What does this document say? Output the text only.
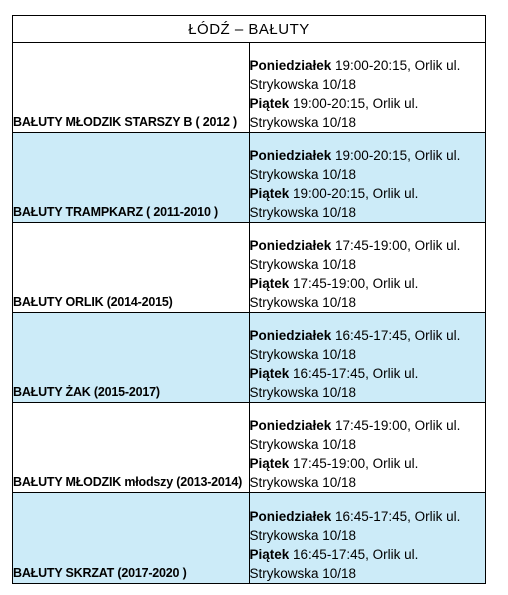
ŁÓDŹ – BAŁUTY	
BAŁUTY MŁODZIK STARSZY B ( 2012 )	Poniedziałek 19:00-20:15, Orlik ul. Strykowska 10/18
Piątek 19:00-20:15, Orlik ul. Strykowska 10/18
BAŁUTY TRAMPKARZ ( 2011-2010 )	Poniedziałek 19:00-20:15, Orlik ul. Strykowska 10/18
Piątek 19:00-20:15, Orlik ul. Strykowska 10/18
BAŁUTY ORLIK (2014-2015)	Poniedziałek 17:45-19:00, Orlik ul. Strykowska 10/18
Piątek 17:45-19:00, Orlik ul. Strykowska 10/18
BAŁUTY ŻAK (2015-2017)	Poniedziałek 16:45-17:45, Orlik ul. Strykowska 10/18
Piątek 16:45-17:45, Orlik ul. Strykowska 10/18
BAŁUTY MŁODZIK młodszy (2013-2014)	Poniedziałek 17:45-19:00, Orlik ul. Strykowska 10/18
Piątek 17:45-19:00, Orlik ul. Strykowska 10/18
BAŁUTY SKRZAT (2017-2020 )	Poniedziałek 16:45-17:45, Orlik ul. Strykowska 10/18
Piątek 16:45-17:45, Orlik ul. Strykowska 10/18
